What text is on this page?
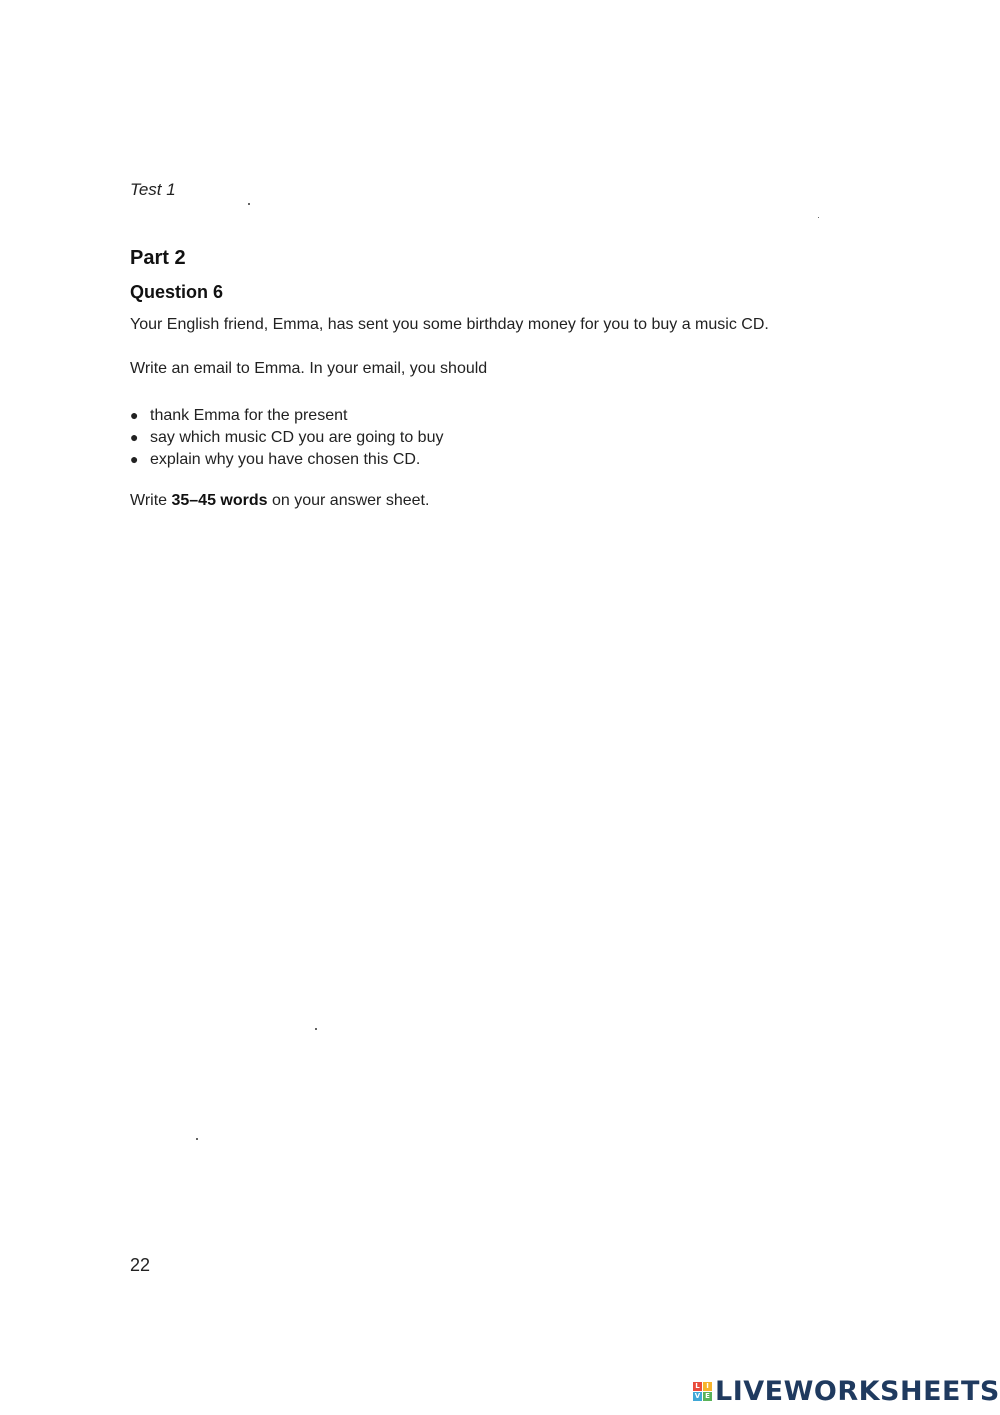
Test 1
Part 2
Question 6
Your English friend, Emma, has sent you some birthday money for you to buy a music CD.
Write an email to Emma. In your email, you should
● thank Emma for the present
● say which music CD you are going to buy
● explain why you have chosen this CD.
Write 35–45 words on your answer sheet.
22
L I
V E LIVEWORKSHEETS
